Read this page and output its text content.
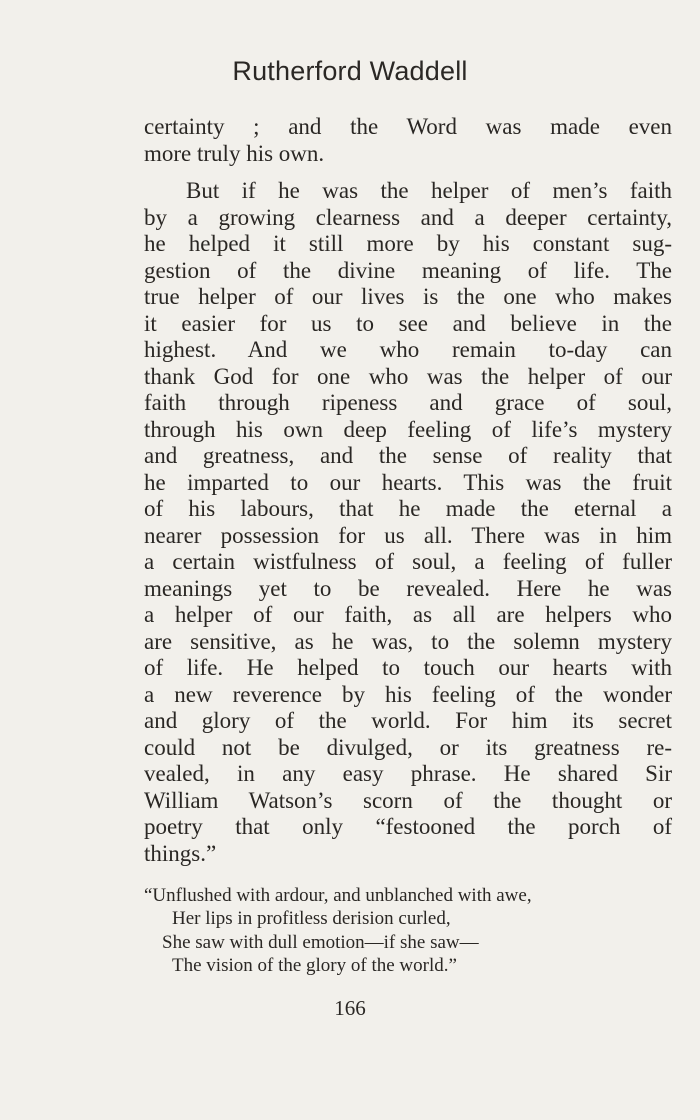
Rutherford Waddell
certainty ; and the Word was made even
more truly his own.
But if he was the helper of men’s faith
by a growing clearness and a deeper certainty,
he helped it still more by his constant sug-
gestion of the divine meaning of life. The
true helper of our lives is the one who makes
it easier for us to see and believe in the
highest. And we who remain to-day can
thank God for one who was the helper of our
faith through ripeness and grace of soul,
through his own deep feeling of life’s mystery
and greatness, and the sense of reality that
he imparted to our hearts. This was the fruit
of his labours, that he made the eternal a
nearer possession for us all. There was in him
a certain wistfulness of soul, a feeling of fuller
meanings yet to be revealed. Here he was
a helper of our faith, as all are helpers who
are sensitive, as he was, to the solemn mystery
of life. He helped to touch our hearts with
a new reverence by his feeling of the wonder
and glory of the world. For him its secret
could not be divulged, or its greatness re-
vealed, in any easy phrase. He shared Sir
William Watson’s scorn of the thought or
poetry that only “festooned the porch of
things.”
“Unflushed with ardour, and unblanched with awe,
Her lips in profitless derision curled,
She saw with dull emotion—if she saw—
The vision of the glory of the world.”
166
